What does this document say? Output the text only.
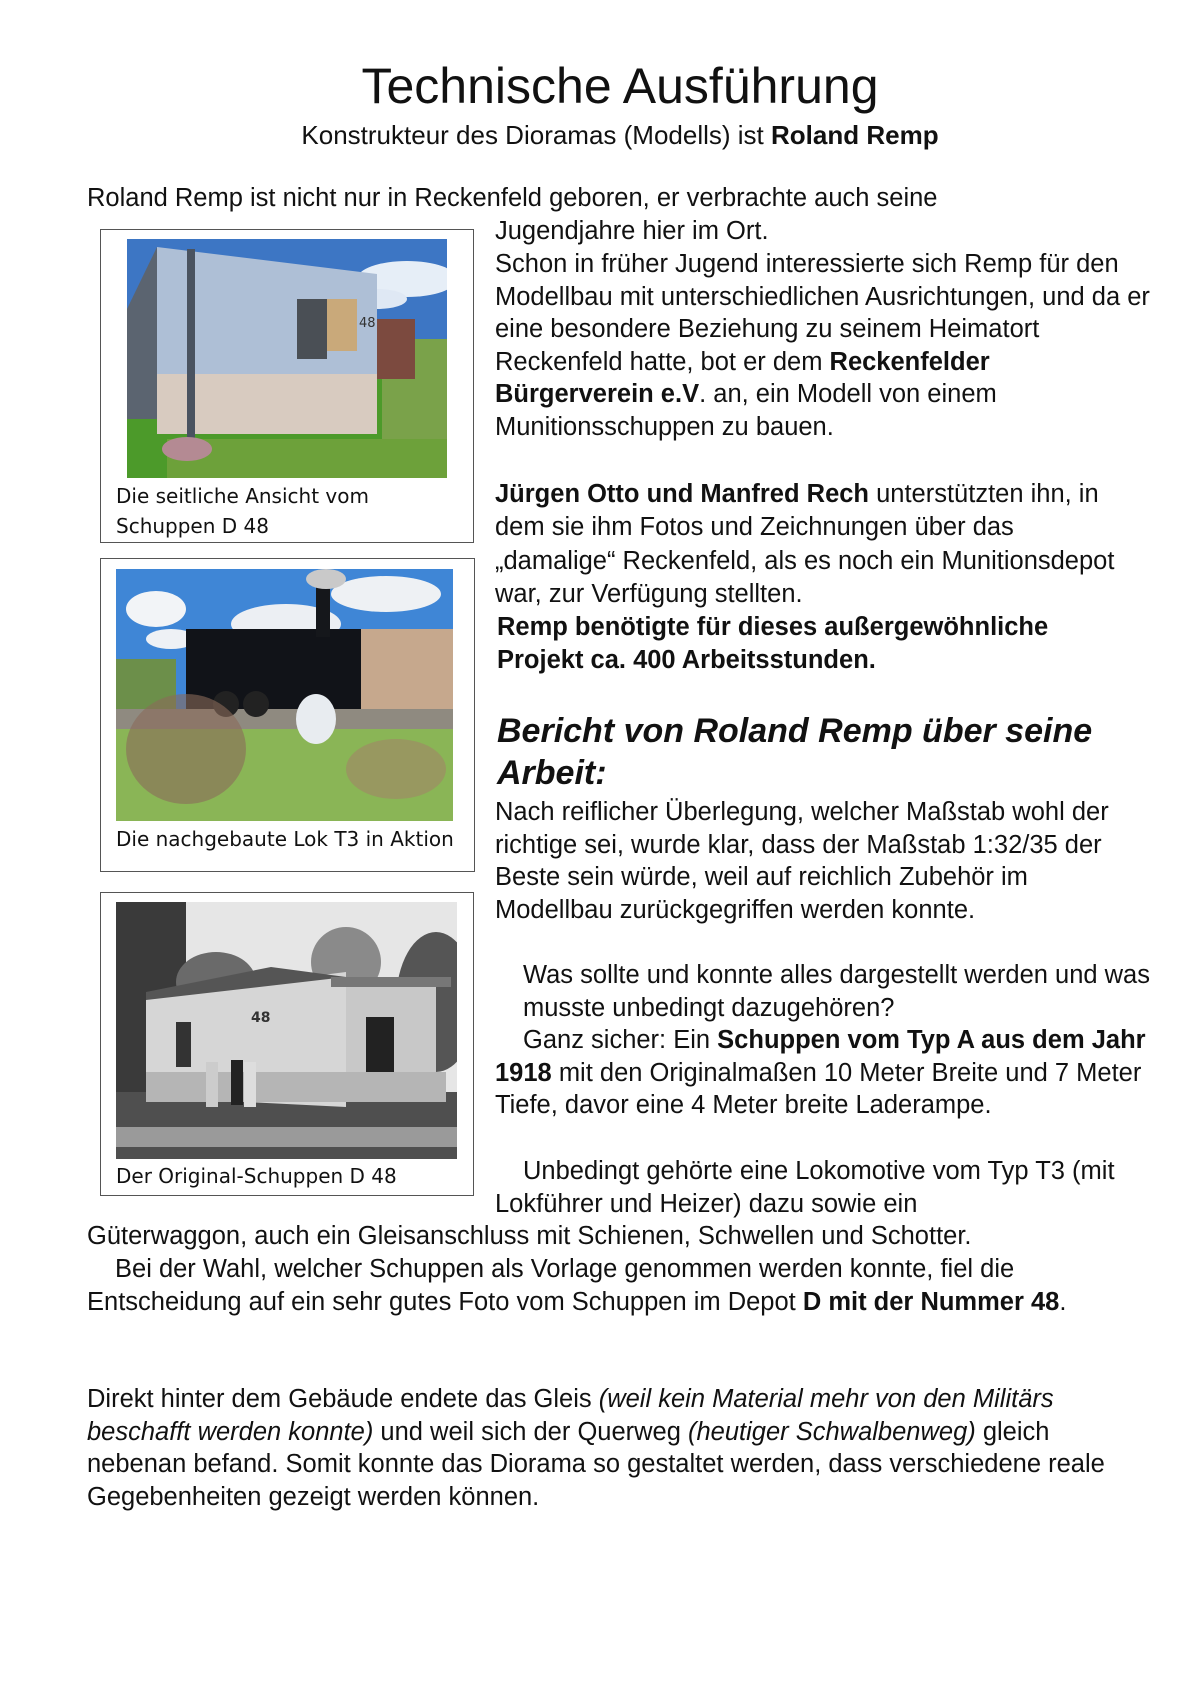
Technische Ausführung
Konstrukteur des Dioramas (Modells) ist Roland Remp
Roland Remp ist nicht nur in Reckenfeld geboren, er verbrachte auch seine
Jugendjahre hier im Ort.
Schon in früher Jugend interessierte sich Remp für den Modellbau mit unterschiedlichen Ausrichtungen, und da er eine besondere Beziehung zu seinem Heimatort Reckenfeld hatte, bot er dem Reckenfelder Bürgerverein e.V. an, ein Modell von einem Munitionsschuppen zu bauen.
Jürgen Otto und Manfred Rech unterstützten ihn, in dem sie ihm Fotos und Zeichnungen über das
„damalige“ Reckenfeld, als es noch ein Munitionsdepot war, zur Verfügung stellten.
Remp benötigte für dieses außergewöhnliche Projekt ca. 400 Arbeitsstunden.
Bericht von Roland Remp über seine Arbeit:
Nach reiflicher Überlegung, welcher Maßstab wohl der richtige sei, wurde klar, dass der Maßstab 1:32/35 der Beste sein würde, weil auf reichlich Zubehör im Modellbau zurückgegriffen werden konnte.
Was sollte und konnte alles dargestellt werden und was musste unbedingt dazugehören?
Ganz sicher: Ein Schuppen vom Typ A aus dem Jahr 1918 mit den Originalmaßen 10 Meter Breite und 7 Meter Tiefe, davor eine 4 Meter breite Laderampe.
Unbedingt gehörte eine Lokomotive vom Typ T3 (mit Lokführer und Heizer) dazu sowie ein
Güterwaggon, auch ein Gleisanschluss mit Schienen, Schwellen und Schotter.
Bei der Wahl, welcher Schuppen als Vorlage genommen werden konnte, fiel die Entscheidung auf ein sehr gutes Foto vom Schuppen im Depot D mit der Nummer 48.
Direkt hinter dem Gebäude endete das Gleis (weil kein Material mehr von den Militärs beschafft werden konnte) und weil sich der Querweg (heutiger Schwalbenweg) gleich nebenan befand. Somit konnte das Diorama so gestaltet werden, dass verschiedene reale Gegebenheiten gezeigt werden können.
48
Die seitliche Ansicht vom Schuppen D 48
Die nachgebaute Lok T3 in Aktion
48
Der Original-Schuppen D 48
